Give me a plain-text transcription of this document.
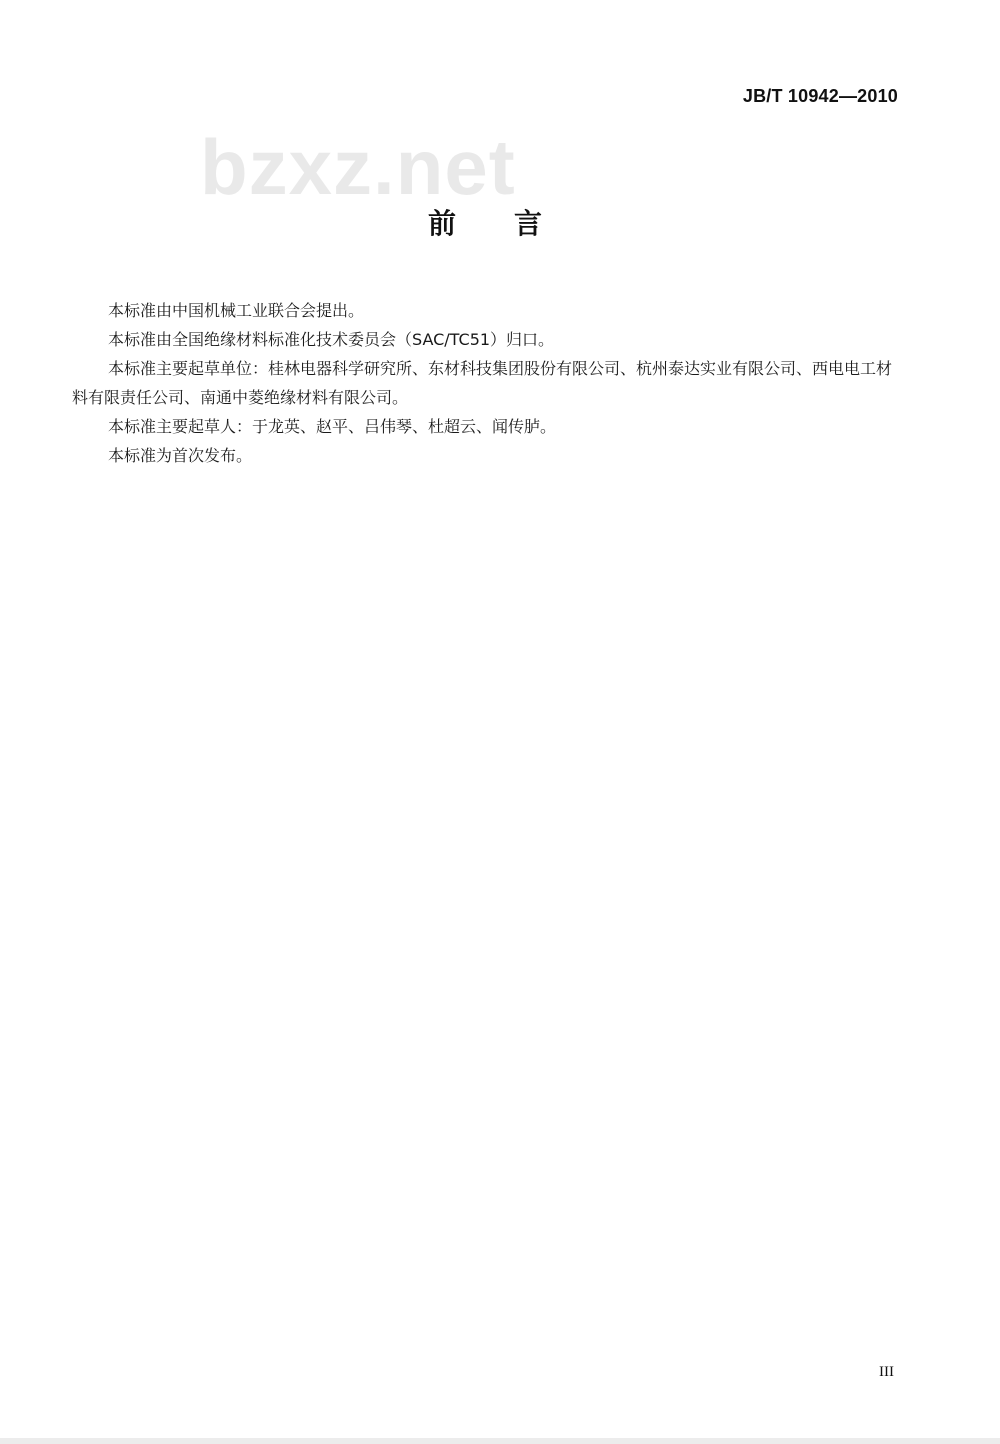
JB/T 10942—2010
bzxz.net
前言

本标准由中国机械工业联合会提出。

本标准由全国绝缘材料标准化技术委员会（SAC/TC51）归口。

本标准主要起草单位：桂林电器科学研究所、东材科技集团股份有限公司、杭州泰达实业有限公司、西电电工材料有限责任公司、南通中菱绝缘材料有限公司。

本标准主要起草人：于龙英、赵平、吕伟琴、杜超云、闻传胪。

本标准为首次发布。

III
